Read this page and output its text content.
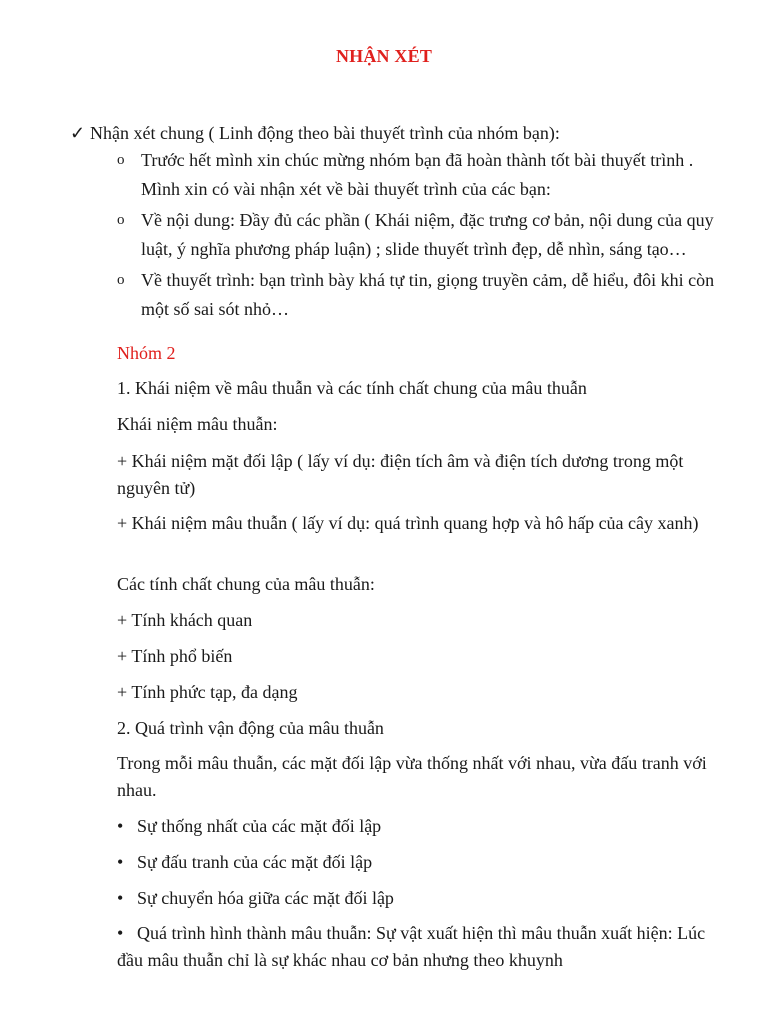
NHẬN XÉT
✓ Nhận xét chung ( Linh động theo bài thuyết trình của nhóm bạn):
o Trước hết mình xin chúc mừng nhóm bạn đã hoàn thành tốt bài thuyết trình . Mình xin có vài nhận xét về bài thuyết trình của các bạn:
o Về nội dung: Đầy đủ các phần ( Khái niệm, đặc trưng cơ bản, nội dung của quy luật, ý nghĩa phương pháp luận) ; slide thuyết trình đẹp, dễ nhìn, sáng tạo…
o Về thuyết trình: bạn trình bày khá tự tin, giọng truyền cảm, dễ hiểu, đôi khi còn một số sai sót nhỏ…
Nhóm 2
1. Khái niệm về mâu thuẫn và các tính chất chung của mâu thuẫn
Khái niệm mâu thuẫn:
+ Khái niệm mặt đối lập ( lấy ví dụ: điện tích âm và điện tích dương trong một nguyên tử)
+ Khái niệm mâu thuẫn ( lấy ví dụ: quá trình quang hợp và hô hấp của cây xanh)
Các tính chất chung của mâu thuẫn:
+ Tính khách quan
+ Tính phổ biến
+ Tính phức tạp, đa dạng
2. Quá trình vận động của mâu thuẫn
Trong mỗi mâu thuẫn, các mặt đối lập vừa thống nhất với nhau, vừa đấu tranh với nhau.
• Sự thống nhất của các mặt đối lập
• Sự đấu tranh của các mặt đối lập
• Sự chuyển hóa giữa các mặt đối lập
• Quá trình hình thành mâu thuẫn: Sự vật xuất hiện thì mâu thuẫn xuất hiện: Lúc đầu mâu thuẫn chỉ là sự khác nhau cơ bản nhưng theo khuynh
